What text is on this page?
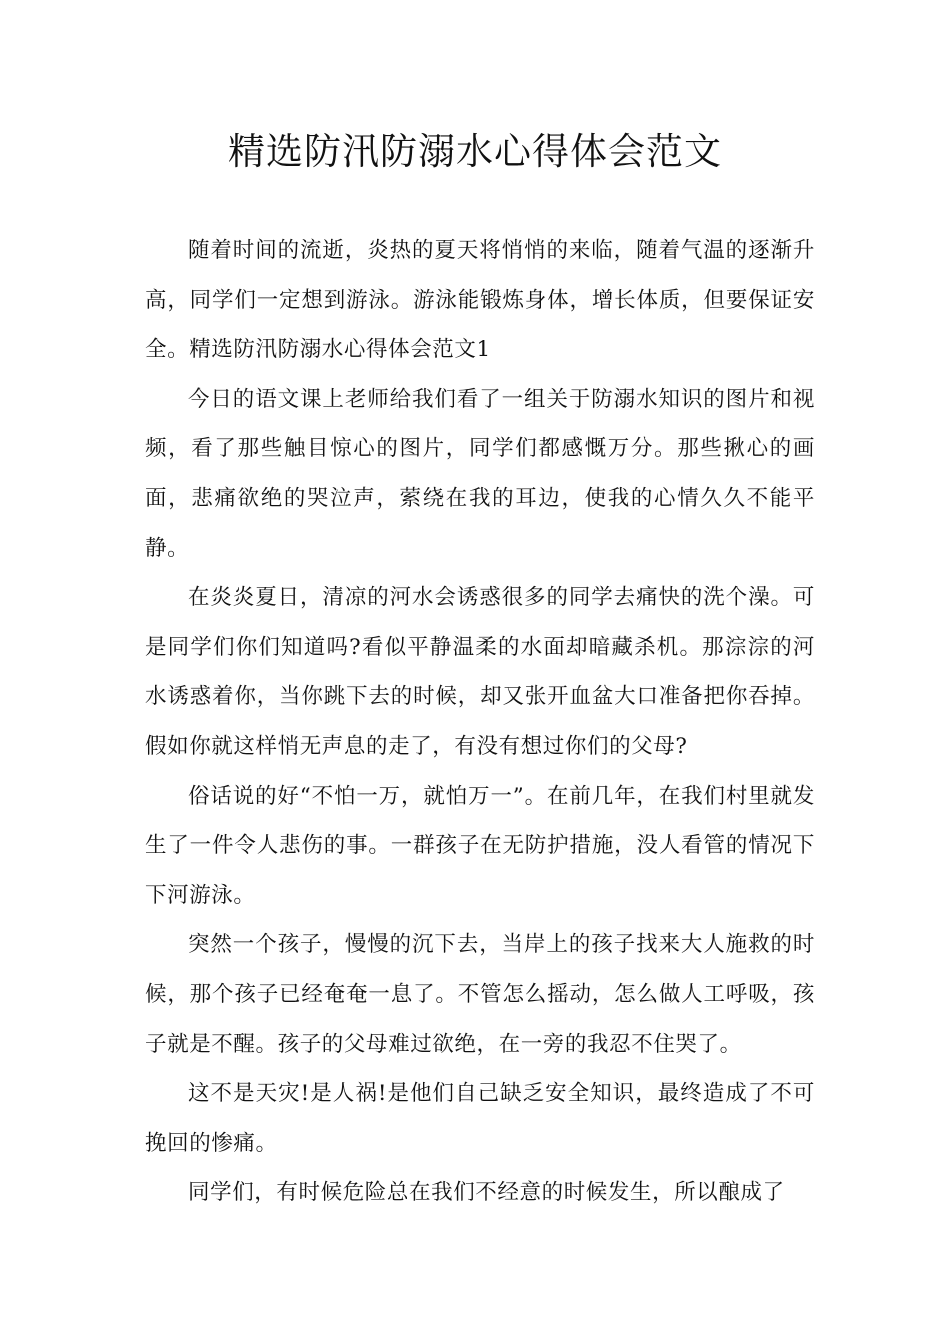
精选防汛防溺水心得体会范文

随着时间的流逝，炎热的夏天将悄悄的来临，随着气温的逐渐升高，同学们一定想到游泳。游泳能锻炼身体，增长体质，但要保证安全。精选防汛防溺水心得体会范文1

今日的语文课上老师给我们看了一组关于防溺水知识的图片和视频，看了那些触目惊心的图片，同学们都感慨万分。那些揪心的画面，悲痛欲绝的哭泣声，萦绕在我的耳边，使我的心情久久不能平静。

在炎炎夏日，清凉的河水会诱惑很多的同学去痛快的洗个澡。可是同学们你们知道吗?看似平静温柔的水面却暗藏杀机。那淙淙的河水诱惑着你，当你跳下去的时候，却又张开血盆大口准备把你吞掉。假如你就这样悄无声息的走了，有没有想过你们的父母?

俗话说的好“不怕一万，就怕万一”。在前几年，在我们村里就发生了一件令人悲伤的事。一群孩子在无防护措施，没人看管的情况下下河游泳。

突然一个孩子，慢慢的沉下去，当岸上的孩子找来大人施救的时候，那个孩子已经奄奄一息了。不管怎么摇动，怎么做人工呼吸，孩子就是不醒。孩子的父母难过欲绝，在一旁的我忍不住哭了。

这不是天灾!是人祸!是他们自己缺乏安全知识，最终造成了不可挽回的惨痛。

同学们，有时候危险总在我们不经意的时候发生，所以酿成了
